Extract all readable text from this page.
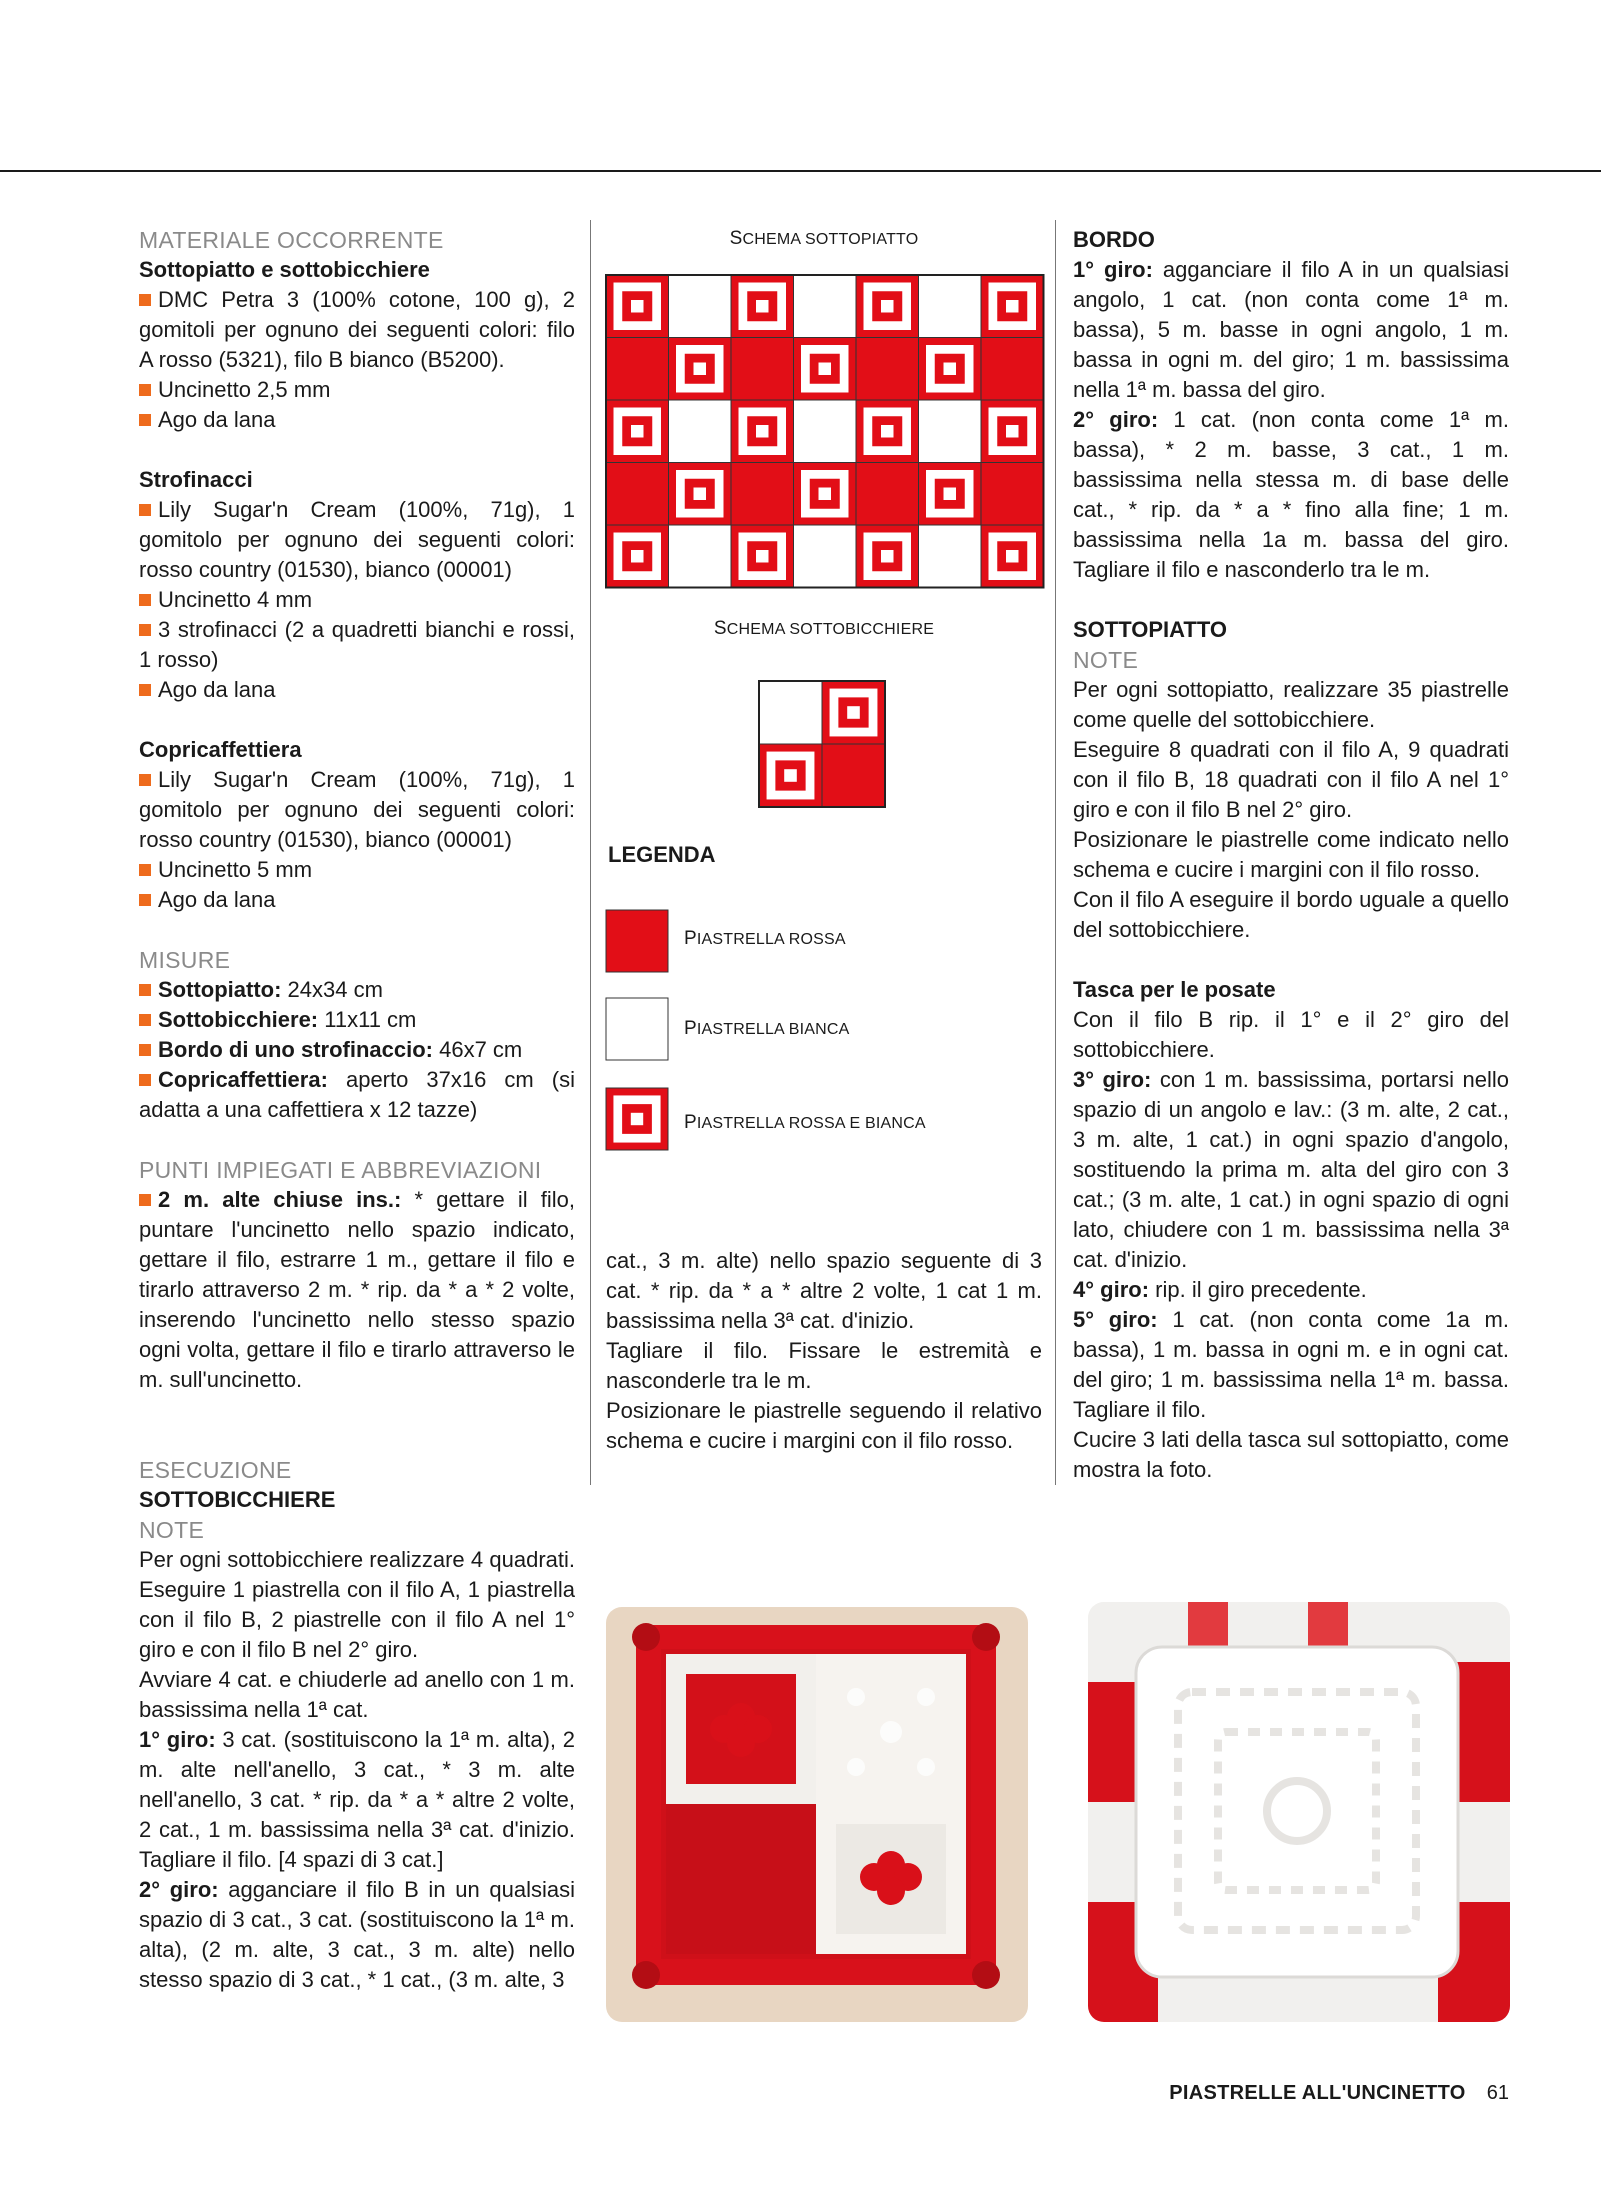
MATERIALE OCCORRENTE

Sottopiatto e sottobicchiere

DMC Petra 3 (100% cotone, 100 g), 2 gomitoli per ognuno dei seguenti colori: filo A rosso (5321), filo B bianco (B5200).

Uncinetto 2,5 mm

Ago da lana

Strofinacci

Lily Sugar'n Cream (100%, 71g), 1 gomitolo per ognuno dei seguenti colori: rosso country (01530), bianco (00001)

Uncinetto 4 mm

3 strofinacci (2 a quadretti bianchi e rossi, 1 rosso)

Ago da lana

Copricaffettiera

Lily Sugar'n Cream (100%, 71g), 1 gomitolo per ognuno dei seguenti colori: rosso country (01530), bianco (00001)

Uncinetto 5 mm

Ago da lana

MISURE

Sottopiatto: 24x34 cm

Sottobicchiere: 11x11 cm

Bordo di uno strofinaccio: 46x7 cm

Copricaffettiera: aperto 37x16 cm (si adatta a una caffettiera x 12 tazze)

PUNTI IMPIEGATI E ABBREVIAZIONI

2 m. alte chiuse ins.: * gettare il filo, puntare l'uncinetto nello spazio indicato, gettare il filo, estrarre 1 m., gettare il filo e tirarlo attraverso 2 m. * rip. da * a * 2 volte, inserendo l'uncinetto nello stesso spazio ogni volta, gettare il filo e tirarlo attraverso le m. sull'uncinetto.

ESECUZIONE

SOTTOBICCHIERE

NOTE

Per ogni sottobicchiere realizzare 4 quadrati. Eseguire 1 piastrella con il filo A, 1 piastrella con il filo B, 2 piastrelle con il filo A nel 1° giro e con il filo B nel 2° giro.

Avviare 4 cat. e chiuderle ad anello con 1 m. bassissima nella 1ª cat.

1° giro: 3 cat. (sostituiscono la 1ª m. alta), 2 m. alte nell'anello, 3 cat., * 3 m. alte nell'anello, 3 cat. * rip. da * a * altre 2 volte, 2 cat., 1 m. bassissima nella 3ª cat. d'inizio. Tagliare il filo. [4 spazi di 3 cat.]

2° giro: agganciare il filo B in un qualsiasi spazio di 3 cat., 3 cat. (sostituiscono la 1ª m. alta), (2 m. alte, 3 cat., 3 m. alte) nello stesso spazio di 3 cat., * 1 cat., (3 m. alte, 3

SCHEMA SOTTOPIATTO
SCHEMA SOTTOBICCHIERE
LEGENDA
PIASTRELLA ROSSA
PIASTRELLA BIANCA
PIASTRELLA ROSSA E BIANCA

cat., 3 m. alte) nello spazio seguente di 3 cat. * rip. da * a * altre 2 volte, 1 cat 1 m. bassissima nella 3ª cat. d'inizio.

Tagliare il filo. Fissare le estremità e nasconderle tra le m.

Posizionare le piastrelle seguendo il relativo schema e cucire i margini con il filo rosso.

BORDO

1° giro: agganciare il filo A in un qualsiasi angolo, 1 cat. (non conta come 1ª m. bassa), 5 m. basse in ogni angolo, 1 m. bassa in ogni m. del giro; 1 m. bassissima nella 1ª m. bassa del giro.

2° giro: 1 cat. (non conta come 1ª m. bassa), * 2 m. basse, 3 cat., 1 m. bassissima nella stessa m. di base delle cat., * rip. da * a * fino alla fine; 1 m. bassissima nella 1a m. bassa del giro. Tagliare il filo e nasconderlo tra le m.

SOTTOPIATTO

NOTE

Per ogni sottopiatto, realizzare 35 piastrelle come quelle del sottobicchiere.

Eseguire 8 quadrati con il filo A, 9 quadrati con il filo B, 18 quadrati con il filo A nel 1° giro e con il filo B nel 2° giro.

Posizionare le piastrelle come indicato nello schema e cucire i margini con il filo rosso.

Con il filo A eseguire il bordo uguale a quello del sottobicchiere.

Tasca per le posate

Con il filo B rip. il 1° e il 2° giro del sottobicchiere.

3° giro: con 1 m. bassissima, portarsi nello spazio di un angolo e lav.: (3 m. alte, 2 cat., 3 m. alte, 1 cat.) in ogni spazio d'angolo, sostituendo la prima m. alta del giro con 3 cat.; (3 m. alte, 1 cat.) in ogni spazio di ogni lato, chiudere con 1 m. bassissima nella 3ª cat. d'inizio.

4° giro: rip. il giro precedente.

5° giro: 1 cat. (non conta come 1a m. bassa), 1 m. bassa in ogni m. e in ogni cat. del giro; 1 m. bassissima nella 1ª m. bassa. Tagliare il filo.

Cucire 3 lati della tasca sul sottopiatto, come mostra la foto.

PIASTRELLE ALL'UNCINETTO 61
